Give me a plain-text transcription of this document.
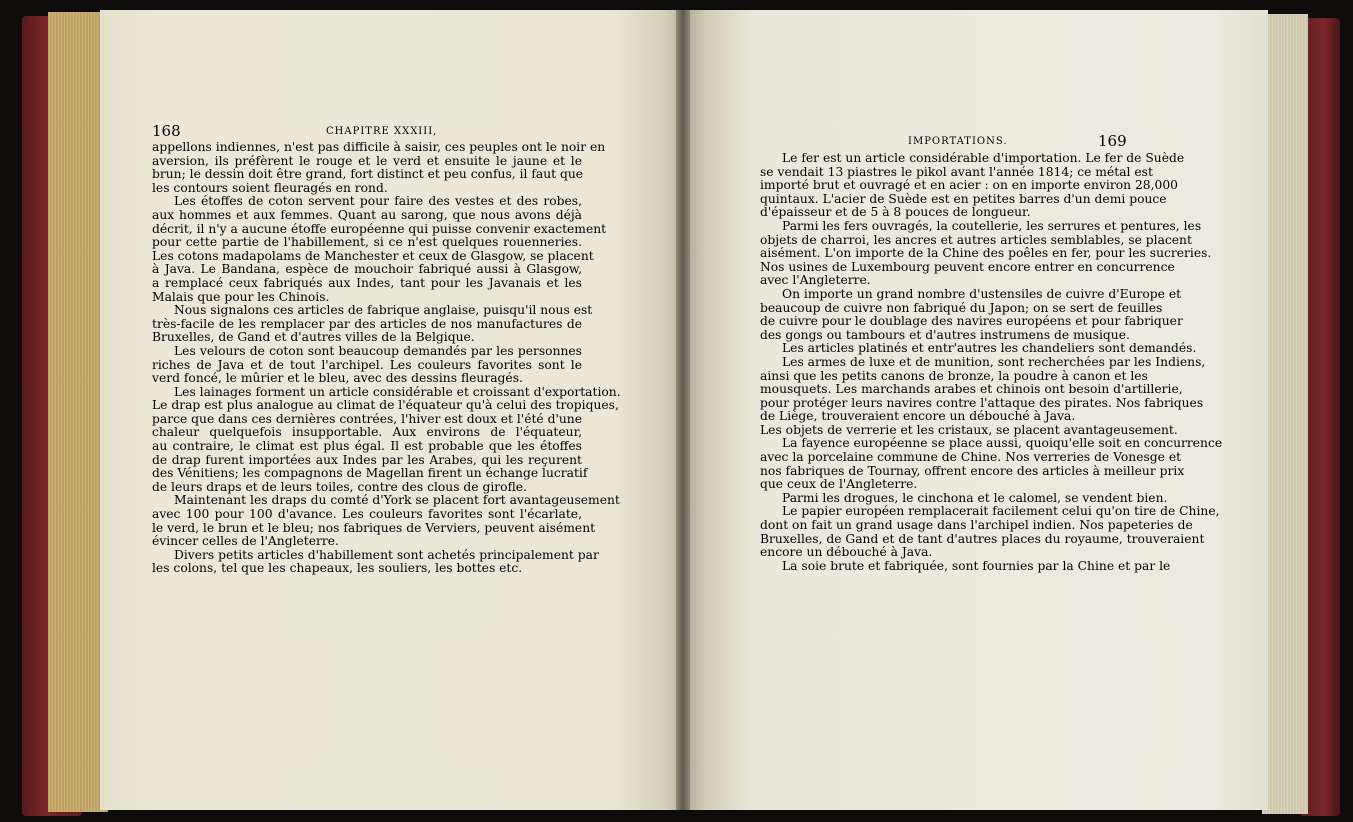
168	CHAPITRE XXXIII,
IMPORTATIONS.	169
appellons indiennes, n'est pas difficile à saisir, ces peuples ont le noir en
aversion, ils préfèrent le rouge et le verd et ensuite le jaune et le
brun; le dessin doit être grand, fort distinct et peu confus, il faut que
les contours soient fleuragés en rond.
Les étoffes de coton servent pour faire des vestes et des robes,
aux hommes et aux femmes. Quant au sarong, que nous avons déjà
décrit, il n'y a aucune étoffe européenne qui puisse convenir exactement
pour cette partie de l'habillement, si ce n'est quelques rouenneries.
Les cotons madapolams de Manchester et ceux de Glasgow, se placent
à Java. Le Bandana, espèce de mouchoir fabriqué aussi à Glasgow,
a remplacé ceux fabriqués aux Indes, tant pour les Javanais et les
Malais que pour les Chinois.
Nous signalons ces articles de fabrique anglaise, puisqu'il nous est
très-facile de les remplacer par des articles de nos manufactures de
Bruxelles, de Gand et d'autres villes de la Belgique.
Les velours de coton sont beaucoup demandés par les personnes
riches de Java et de tout l'archipel. Les couleurs favorites sont le
verd foncé, le mûrier et le bleu, avec des dessins fleuragés.
Les lainages forment un article considérable et croissant d'exportation.
Le drap est plus analogue au climat de l'équateur qu'à celui des tropiques,
parce que dans ces dernières contrées, l'hiver est doux et l'été d'une
chaleur quelquefois insupportable. Aux environs de l'équateur,
au contraire, le climat est plus égal. Il est probable que les étoffes
de drap furent importées aux Indes par les Arabes, qui les reçurent
des Vénitiens; les compagnons de Magellan firent un échange lucratif
de leurs draps et de leurs toiles, contre des clous de girofle.
Maintenant les draps du comté d'York se placent fort avantageusement
avec 100 pour 100 d'avance. Les couleurs favorites sont l'écarlate,
le verd, le brun et le bleu; nos fabriques de Verviers, peuvent aisément
évincer celles de l'Angleterre.
Divers petits articles d'habillement sont achetés principalement par
les colons, tel que les chapeaux, les souliers, les bottes etc.
Le fer est un article considérable d'importation. Le fer de Suède
se vendait 13 piastres le pikol avant l'année 1814; ce métal est
importé brut et ouvragé et en acier : on en importe environ 28,000
quintaux. L'acier de Suède est en petites barres d'un demi pouce
d'épaisseur et de 5 à 8 pouces de longueur.
Parmi les fers ouvragés, la coutellerie, les serrures et pentures, les
objets de charroi, les ancres et autres articles semblables, se placent
aisément. L'on importe de la Chine des poêles en fer, pour les sucreries.
Nos usines de Luxembourg peuvent encore entrer en concurrence
avec l'Angleterre.
On importe un grand nombre d'ustensiles de cuivre d'Europe et
beaucoup de cuivre non fabriqué du Japon; on se sert de feuilles
de cuivre pour le doublage des navires européens et pour fabriquer
des gongs ou tambours et d'autres instrumens de musique.
Les articles platinés et entr'autres les chandeliers sont demandés.
Les armes de luxe et de munition, sont recherchées par les Indiens,
ainsi que les petits canons de bronze, la poudre à canon et les
mousquets. Les marchands arabes et chinois ont besoin d'artillerie,
pour protéger leurs navires contre l'attaque des pirates. Nos fabriques
de Liège, trouveraient encore un débouché à Java.
Les objets de verrerie et les cristaux, se placent avantageusement.
La fayence européenne se place aussi, quoiqu'elle soit en concurrence
avec la porcelaine commune de Chine. Nos verreries de Vonesge et
nos fabriques de Tournay, offrent encore des articles à meilleur prix
que ceux de l'Angleterre.
Parmi les drogues, le cinchona et le calomel, se vendent bien.
Le papier européen remplacerait facilement celui qu'on tire de Chine,
dont on fait un grand usage dans l'archipel indien. Nos papeteries de
Bruxelles, de Gand et de tant d'autres places du royaume, trouveraient
encore un débouché à Java.
La soie brute et fabriquée, sont fournies par la Chine et par le
